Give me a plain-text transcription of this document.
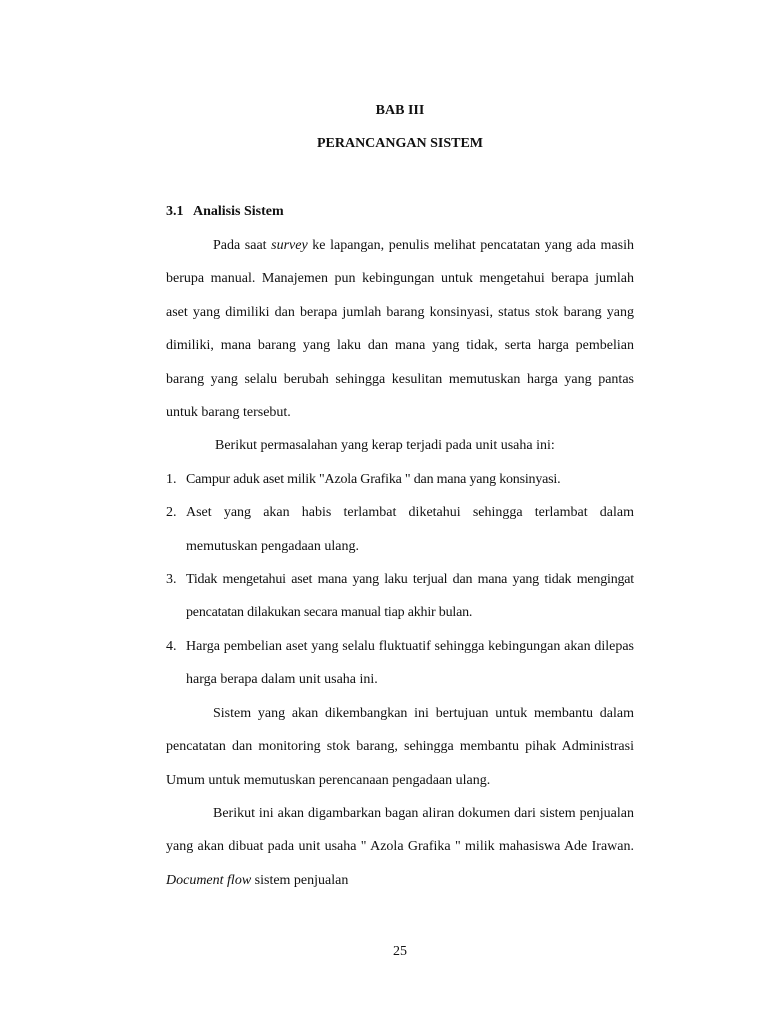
BAB III

PERANCANGAN SISTEM

3.1 Analisis Sistem

Pada saat survey ke lapangan, penulis melihat pencatatan yang ada masih berupa manual. Manajemen pun kebingungan untuk mengetahui berapa jumlah aset yang dimiliki dan berapa jumlah barang konsinyasi, status stok barang yang dimiliki, mana barang yang laku dan mana yang tidak, serta harga pembelian barang yang selalu berubah sehingga kesulitan memutuskan harga yang pantas untuk barang tersebut.

Berikut permasalahan yang kerap terjadi pada unit usaha ini:

1. Campur aduk aset milik "Azola Grafika " dan mana yang konsinyasi.
2. Aset yang akan habis terlambat diketahui sehingga terlambat dalam memutuskan pengadaan ulang.
3. Tidak mengetahui aset mana yang laku terjual dan mana yang tidak mengingat pencatatan dilakukan secara manual tiap akhir bulan.
4. Harga pembelian aset yang selalu fluktuatif sehingga kebingungan akan dilepas harga berapa dalam unit usaha ini.

Sistem yang akan dikembangkan ini bertujuan untuk membantu dalam pencatatan dan monitoring stok barang, sehingga membantu pihak Administrasi Umum untuk memutuskan perencanaan pengadaan ulang.

Berikut ini akan digambarkan bagan aliran dokumen dari sistem penjualan yang akan dibuat pada unit usaha " Azola Grafika " milik mahasiswa Ade Irawan. Document flow sistem penjualan

25
